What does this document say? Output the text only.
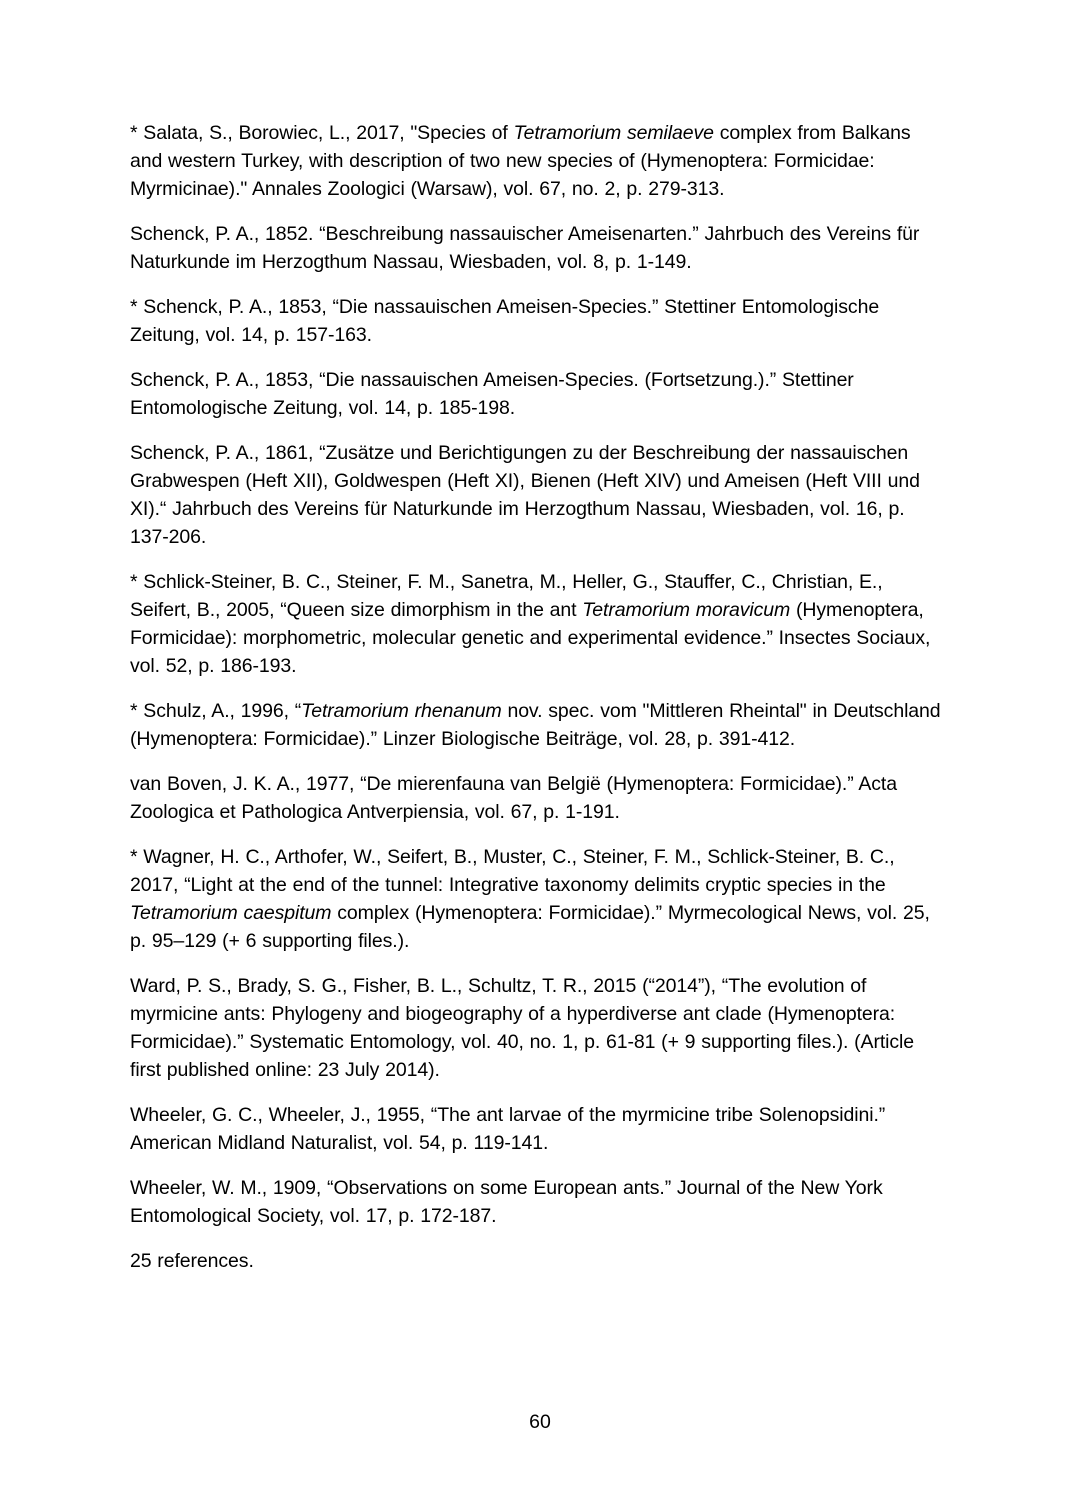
* Salata, S., Borowiec, L., 2017, "Species of Tetramorium semilaeve complex from Balkans and western Turkey, with description of two new species of (Hymenoptera: Formicidae: Myrmicinae)." Annales Zoologici (Warsaw), vol. 67, no. 2, p. 279-313.

Schenck, P. A., 1852. “Beschreibung nassauischer Ameisenarten.” Jahrbuch des Vereins für Naturkunde im Herzogthum Nassau, Wiesbaden, vol. 8, p. 1-149.

* Schenck, P. A., 1853, “Die nassauischen Ameisen-Species.” Stettiner Entomologische Zeitung, vol. 14, p. 157-163.

Schenck, P. A., 1853, “Die nassauischen Ameisen-Species. (Fortsetzung.).” Stettiner Entomologische Zeitung, vol. 14, p. 185-198.

Schenck, P. A., 1861, “Zusätze und Berichtigungen zu der Beschreibung der nassauischen Grabwespen (Heft XII), Goldwespen (Heft XI), Bienen (Heft XIV) und Ameisen (Heft VIII und XI).“ Jahrbuch des Vereins für Naturkunde im Herzogthum Nassau, Wiesbaden, vol. 16, p. 137-206.

* Schlick-Steiner, B. C., Steiner, F. M., Sanetra, M., Heller, G., Stauffer, C., Christian, E., Seifert, B., 2005, “Queen size dimorphism in the ant Tetramorium moravicum (Hymenoptera, Formicidae): morphometric, molecular genetic and experimental evidence.” Insectes Sociaux, vol. 52, p. 186-193.

* Schulz, A., 1996, “Tetramorium rhenanum nov. spec. vom "Mittleren Rheintal" in Deutschland (Hymenoptera: Formicidae).” Linzer Biologische Beiträge, vol. 28, p. 391-412.

van Boven, J. K. A., 1977, “De mierenfauna van België (Hymenoptera: Formicidae).” Acta Zoologica et Pathologica Antverpiensia, vol. 67, p. 1-191.

* Wagner, H. C., Arthofer, W., Seifert, B., Muster, C., Steiner, F. M., Schlick-Steiner, B. C., 2017, “Light at the end of the tunnel: Integrative taxonomy delimits cryptic species in the Tetramorium caespitum complex (Hymenoptera: Formicidae).” Myrmecological News, vol. 25, p. 95–129 (+ 6 supporting files.).

Ward, P. S., Brady, S. G., Fisher, B. L., Schultz, T. R., 2015 (“2014”), “The evolution of myrmicine ants: Phylogeny and biogeography of a hyperdiverse ant clade (Hymenoptera: Formicidae).” Systematic Entomology, vol. 40, no. 1, p. 61-81 (+ 9 supporting files.). (Article first published online: 23 July 2014).

Wheeler, G. C., Wheeler, J., 1955, “The ant larvae of the myrmicine tribe Solenopsidini.” American Midland Naturalist, vol. 54, p. 119-141.

Wheeler, W. M., 1909, “Observations on some European ants.” Journal of the New York Entomological Society, vol. 17, p. 172-187.

25 references.

60
